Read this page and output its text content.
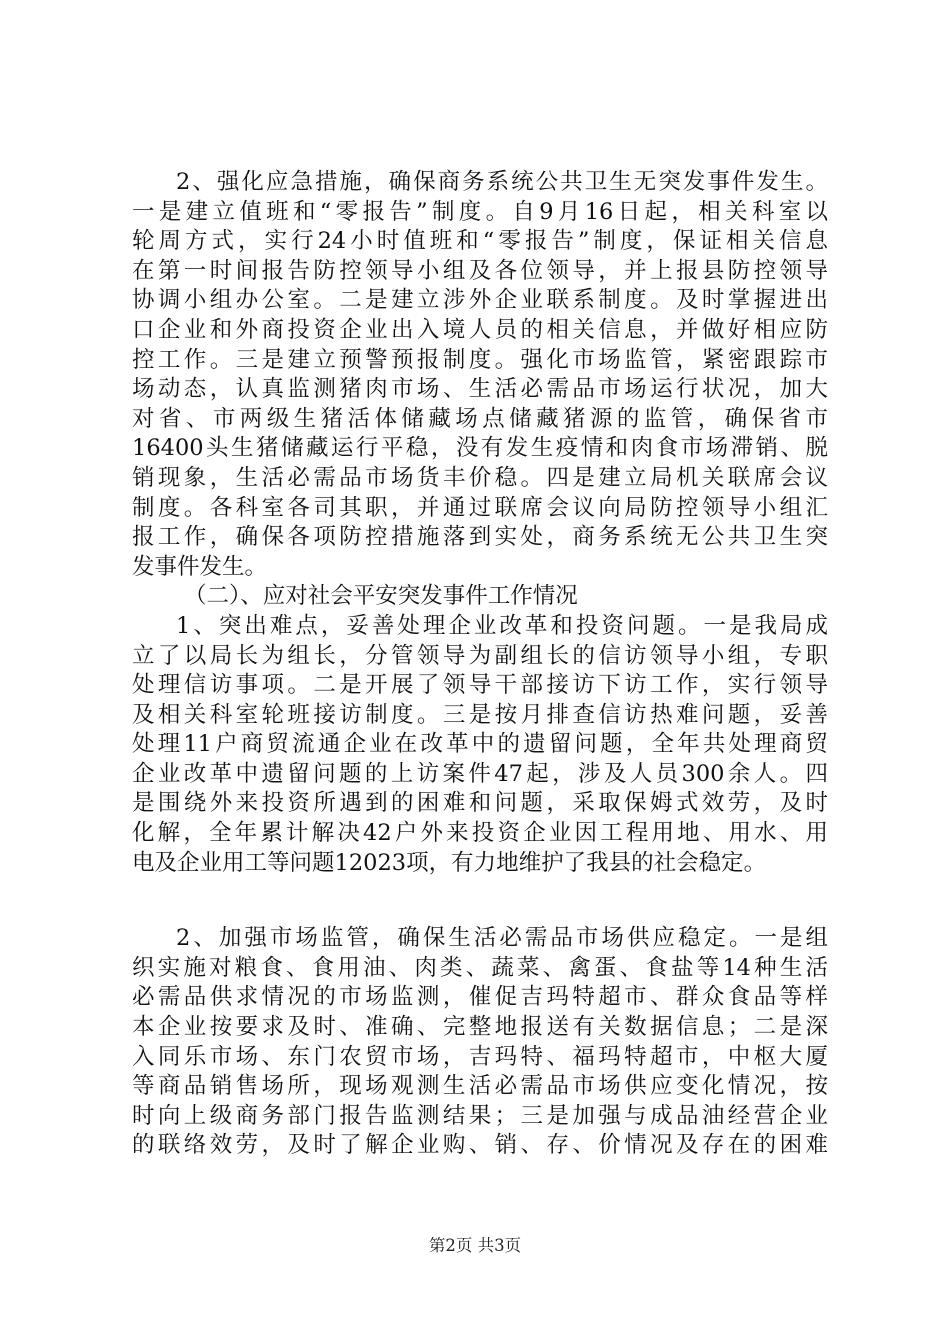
2、强化应急措施，确保商务系统公共卫生无突发事件发生。
一是建立值班和“零报告”制度。自9月16日起，相关科室以
轮周方式，实行24小时值班和“零报告”制度，保证相关信息
在第一时间报告防控领导小组及各位领导，并上报县防控领导
协调小组办公室。二是建立涉外企业联系制度。及时掌握进出
口企业和外商投资企业出入境人员的相关信息，并做好相应防
控工作。三是建立预警预报制度。强化市场监管，紧密跟踪市
场动态，认真监测猪肉市场、生活必需品市场运行状况，加大
对省、市两级生猪活体储藏场点储藏猪源的监管，确保省市
16400头生猪储藏运行平稳，没有发生疫情和肉食市场滞销、脱
销现象，生活必需品市场货丰价稳。四是建立局机关联席会议
制度。各科室各司其职，并通过联席会议向局防控领导小组汇
报工作，确保各项防控措施落到实处，商务系统无公共卫生突
发事件发生。
（二）、应对社会平安突发事件工作情况
1、突出难点，妥善处理企业改革和投资问题。一是我局成
立了以局长为组长，分管领导为副组长的信访领导小组，专职
处理信访事项。二是开展了领导干部接访下访工作，实行领导
及相关科室轮班接访制度。三是按月排查信访热难问题，妥善
处理11户商贸流通企业在改革中的遗留问题，全年共处理商贸
企业改革中遗留问题的上访案件47起，涉及人员300余人。四
是围绕外来投资所遇到的困难和问题，采取保姆式效劳，及时
化解，全年累计解决42户外来投资企业因工程用地、用水、用
电及企业用工等问题12023项，有力地维护了我县的社会稳定。
2、加强市场监管，确保生活必需品市场供应稳定。一是组
织实施对粮食、食用油、肉类、蔬菜、禽蛋、食盐等14种生活
必需品供求情况的市场监测，催促吉玛特超市、群众食品等样
本企业按要求及时、准确、完整地报送有关数据信息；二是深
入同乐市场、东门农贸市场，吉玛特、福玛特超市，中枢大厦
等商品销售场所，现场观测生活必需品市场供应变化情况，按
时向上级商务部门报告监测结果；三是加强与成品油经营企业
的联络效劳，及时了解企业购、销、存、价情况及存在的困难
第2页 共3页
